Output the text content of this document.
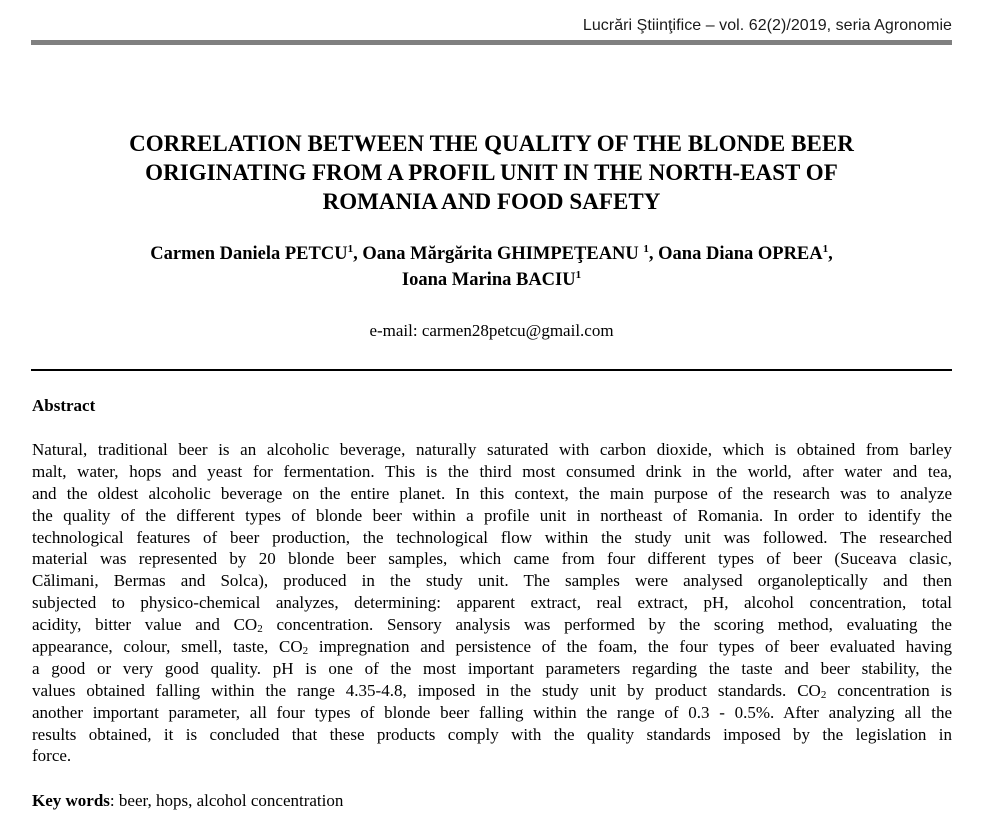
Lucrări Ştiinţifice – vol. 62(2)/2019, seria Agronomie
CORRELATION BETWEEN THE QUALITY OF THE BLONDE BEER
ORIGINATING FROM A PROFIL UNIT IN THE NORTH-EAST OF
ROMANIA AND FOOD SAFETY
Carmen Daniela PETCU$^1$, Oana Mărgărita GHIMPEŢEANU $^1$, Oana Diana OPREA$^1$,
Ioana Marina BACIU$^1$
e-mail: carmen28petcu@gmail.com
Abstract
Natural, traditional beer is an alcoholic beverage, naturally saturated with carbon dioxide, which is obtained from barley
malt, water, hops and yeast for fermentation. This is the third most consumed drink in the world, after water and tea,
and the oldest alcoholic beverage on the entire planet. In this context, the main purpose of the research was to analyze
the quality of the different types of blonde beer within a profile unit in northeast of Romania. In order to identify the
technological features of beer production, the technological flow within the study unit was followed. The researched
material was represented by 20 blonde beer samples, which came from four different types of beer (Suceava clasic,
Călimani, Bermas and Solca), produced in the study unit. The samples were analysed organoleptically and then
subjected to physico-chemical analyzes, determining: apparent extract, real extract, pH, alcohol concentration, total
acidity, bitter value and $CO_2$ concentration. Sensory analysis was performed by the scoring method, evaluating the
appearance, colour, smell, taste, $CO_2$ impregnation and persistence of the foam, the four types of beer evaluated having
a good or very good quality. pH is one of the most important parameters regarding the taste and beer stability, the
values obtained falling within the range 4.35-4.8, imposed in the study unit by product standards. $CO_2$ concentration is
another important parameter, all four types of blonde beer falling within the range of 0.3 - 0.5%. After analyzing all the
results obtained, it is concluded that these products comply with the quality standards imposed by the legislation in
force.
Key words: beer, hops, alcohol concentration
